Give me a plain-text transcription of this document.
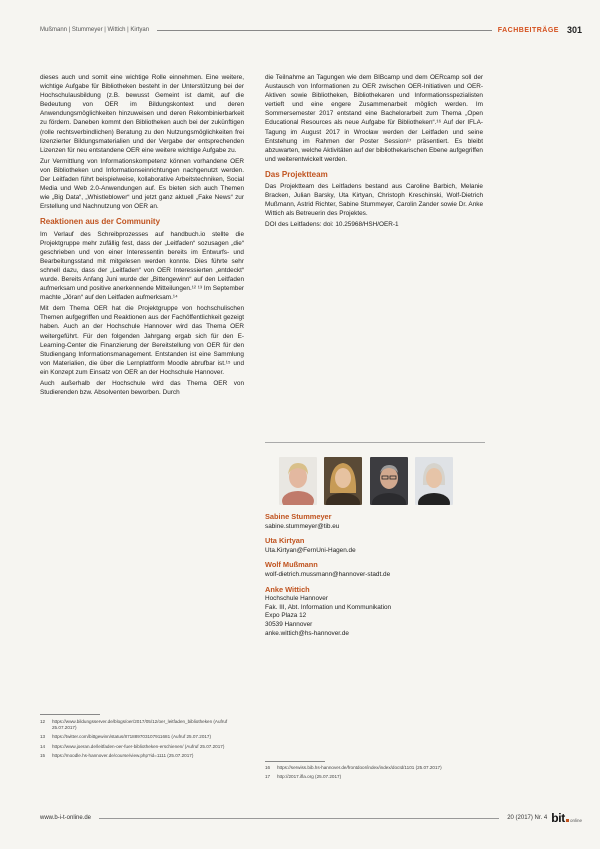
Mußmann | Stummeyer | Wittich | Kirtyan	FACHBEITRÄGE 301

dieses auch und somit eine wichtige Rolle einnehmen. Eine weitere, wichtige Aufgabe für Bibliotheken besteht in der Unterstützung bei der Hochschulausbildung (z.B. bewusst Gemeint ist damit, auf die Bedeutung von OER im Bildungskontext und deren Anwendungsmöglichkeiten hinzuweisen und deren Rekombinierbarkeit zu fördern. Daneben kommt den Bibliotheken auch bei der zukünftigen (rolle rechtsverbindlichen) Beratung zu den Nutzungsmöglichkeiten frei lizenzierter Bildungsmaterialien und der Vergabe der entsprechenden Lizenzen für neu entstandene OER eine weitere wichtige Aufgabe zu.

Zur Vermittlung von Informationskompetenz können vorhandene OER von Bibliotheken und Informationseinrichtungen nachgenutzt werden. Der Leitfaden führt beispielweise, kollaborative Arbeitstechniken, Social Media und Web 2.0-Anwendungen auf. Es bieten sich auch Themen wie „Big Data“, „Whistleblower“ und jetzt ganz aktuell „Fake News“ zur Erstellung und Nachnutzung von OER an.

Reaktionen aus der Community

Im Verlauf des Schreibprozesses auf handbuch.io stellte die Projektgruppe mehr zufällig fest, dass der „Leitfaden“ sozusagen „die“ geschrieben und von einer Interessentin bereits im Entwurfs- und Bearbeitungsstand mit mitgelesen werden konnte. Dies führte sehr schnell dazu, dass der „Leitfaden“ von OER Interessierten „entdeckt“ wurde. Bereits Anfang Juni wurde der „Bittengewinn“ auf den Leitfaden aufmerksam und positive anerkennende Mitteilungen.¹² ¹³ Im September machte „Jöran“ auf den Leitfaden aufmerksam.¹⁴

Mit dem Thema OER hat die Projektgruppe von hochschulischen Themen aufgegriffen und Reaktionen aus der Fachöffentlichkeit gezeigt haben. Auch an der Hochschule Hannover wird das Thema OER weitergeführt. Für den folgenden Jahrgang ergab sich für den E-Learning-Center die Finanzierung der Bereitstellung von OER für den Studiengang Informationsmanagement. Entstanden ist eine Sammlung von Materialien, die über die Lernplattform Moodle abrufbar ist.¹⁵ und ein Konzept zum Einsatz von OER an der Hochschule Hannover.

Auch außerhalb der Hochschule wird das Thema OER von Studierenden bzw. Absolventen beworben. Durch

die Teilnahme an Tagungen wie dem BIBcamp und dem OERcamp soll der Austausch von Informationen zu OER zwischen OER-Initiativen und OER-Aktiven sowie Bibliotheken, Bibliothekaren und Informationsspezialisten vertieft und eine engere Zusammenarbeit möglich werden. Im Sommersemester 2017 entstand eine Bachelorarbeit zum Thema „Open Educational Resources als neue Aufgabe für Bibliotheken“.¹⁶ Auf der IFLA-Tagung im August 2017 in Wrocław werden der Leitfaden und seine Entstehung im Rahmen der Poster Session¹⁷ präsentiert. Es bleibt abzuwarten, welche Aktivitäten auf der bibliothekarischen Ebene aufgegriffen und weiterentwickelt werden.

Das Projektteam

Das Projektteam des Leitfadens bestand aus Caroline Barbich, Melanie Bracken, Julian Barsky, Uta Kirtyan, Christoph Kreschinski, Wolf-Dietrich Mußmann, Astrid Richter, Sabine Stummeyer, Carolin Zander sowie Dr. Anke Wittich als Betreuerin des Projektes.

DOI des Leitfadens: doi: 10.25968/HSH/OER-1

Sabine Stummeyer
sabine.stummeyer@tib.eu
Uta Kirtyan
Uta.Kirtyan@FernUni-Hagen.de
Wolf Mußmann
wolf-dietrich.mussmann@hannover-stadt.de
Anke Wittich
Hochschule Hannover
Fak. III, Abt. Information und Kommunikation
Expo Plaza 12
30539 Hannover
anke.wittich@hs-hannover.de
12	https://www.bildungsserver.de/blogs/oer/2017/05/12/oer_leitfaden_bibliotheken (Aufruf 25.07.2017)
13	https://twitter.com/bittgewinn/status/871889703107911681 (Aufruf 25.07.2017)
14	https://www.joeran.de/leitfaden-oer-fuer-bibliotheken-erschienen/ (Aufruf 25.07.2017)
15	https://moodle.hs-hannover.de/course/view.php?id=1111 (25.07.2017)
16	https://serwiss.bib.hs-hannover.de/frontdoor/index/index/docId/1101 (25.07.2017)
17	http://2017.ifla.org (25.07.2017)
www.b-i-t-online.de	20 (2017) Nr. 4 bit online
